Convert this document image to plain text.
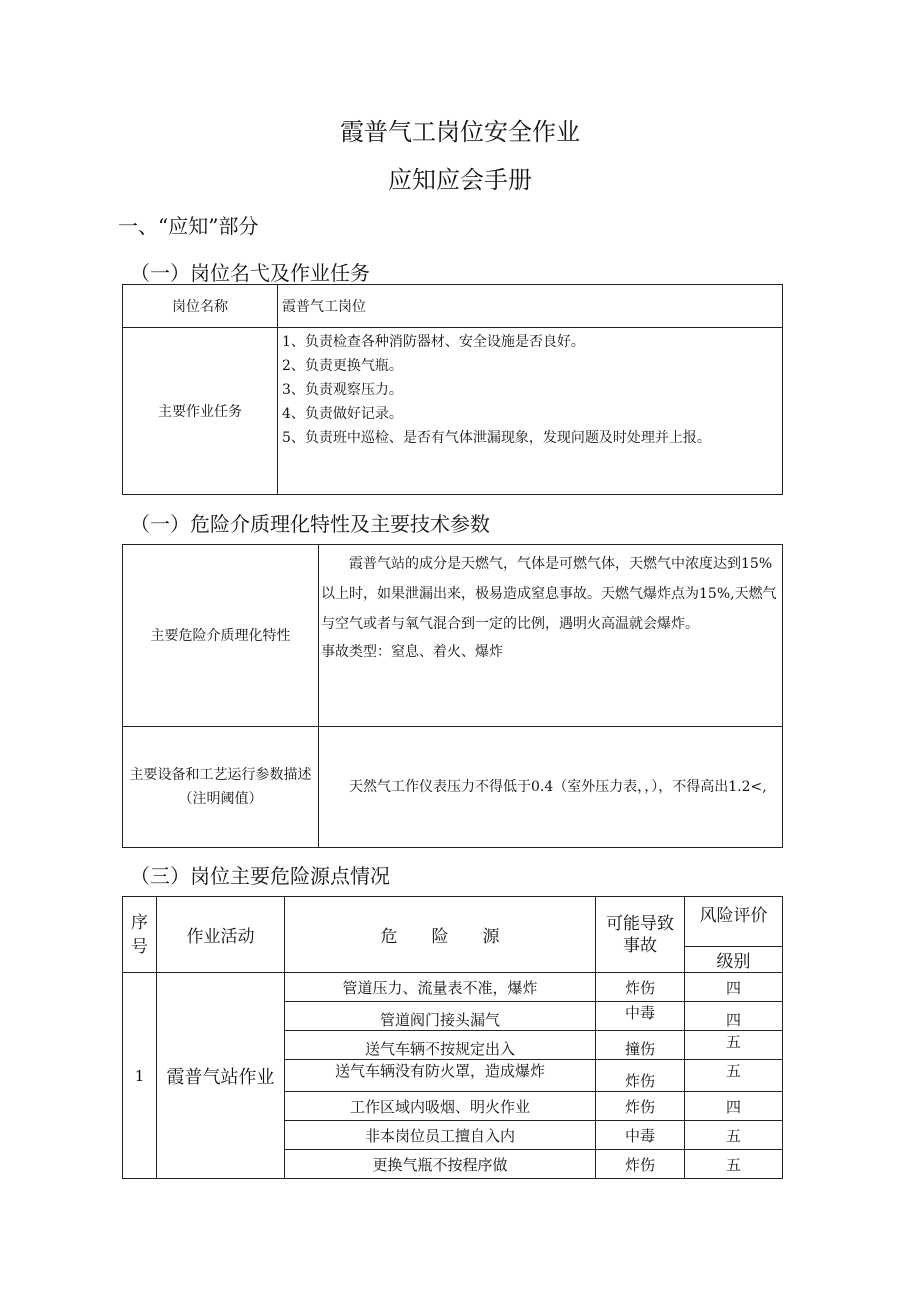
霞普气工岗位安全作业
应知应会手册
一、“应知”部分
（一）岗位名弋及作业任务
岗位名称	霞普气工岗位
主要作业任务	1、负责检查各种消防器材、安全设施是否良好。
2、负责更换气瓶。
3、负责观察压力。
4、负责做好记录。
5、负责班中巡检、是否有气体泄漏现象，发现问题及时处理并上报。
（一）危险介质理化特性及主要技术参数
主要危险介质理化特性	霞普气站的成分是天燃气，气体是可燃气体，天燃气中浓度达到15%以上时，如果泄漏出来，极易造成窒息事故。天燃气爆炸点为15%,天燃气与空气或者与氧气混合到一定的比例，遇明火高温就会爆炸。
事故类型：窒息、着火、爆炸

主要设备和工艺运行参数描述（注明阈值）	天然气工作仪表压力不得低于0.4（室外压力表，，），不得高出1.2<,
（三）岗位主要危险源点情况
序号	作业活动	危　　险　　源	可能导致事故	风险评价
				级别
1	霞普气站作业	管道压力、流量表不准，爆炸	炸伤	四
		管道阀门接头漏气	中毒	四
		送气车辆不按规定出入	撞伤	五
		送气车辆没有防火罩，造成爆炸	炸伤	五
		工作区域内吸烟、明火作业	炸伤	四
		非本岗位员工擅自入内	中毒	五
		更换气瓶不按程序做	炸伤	五
